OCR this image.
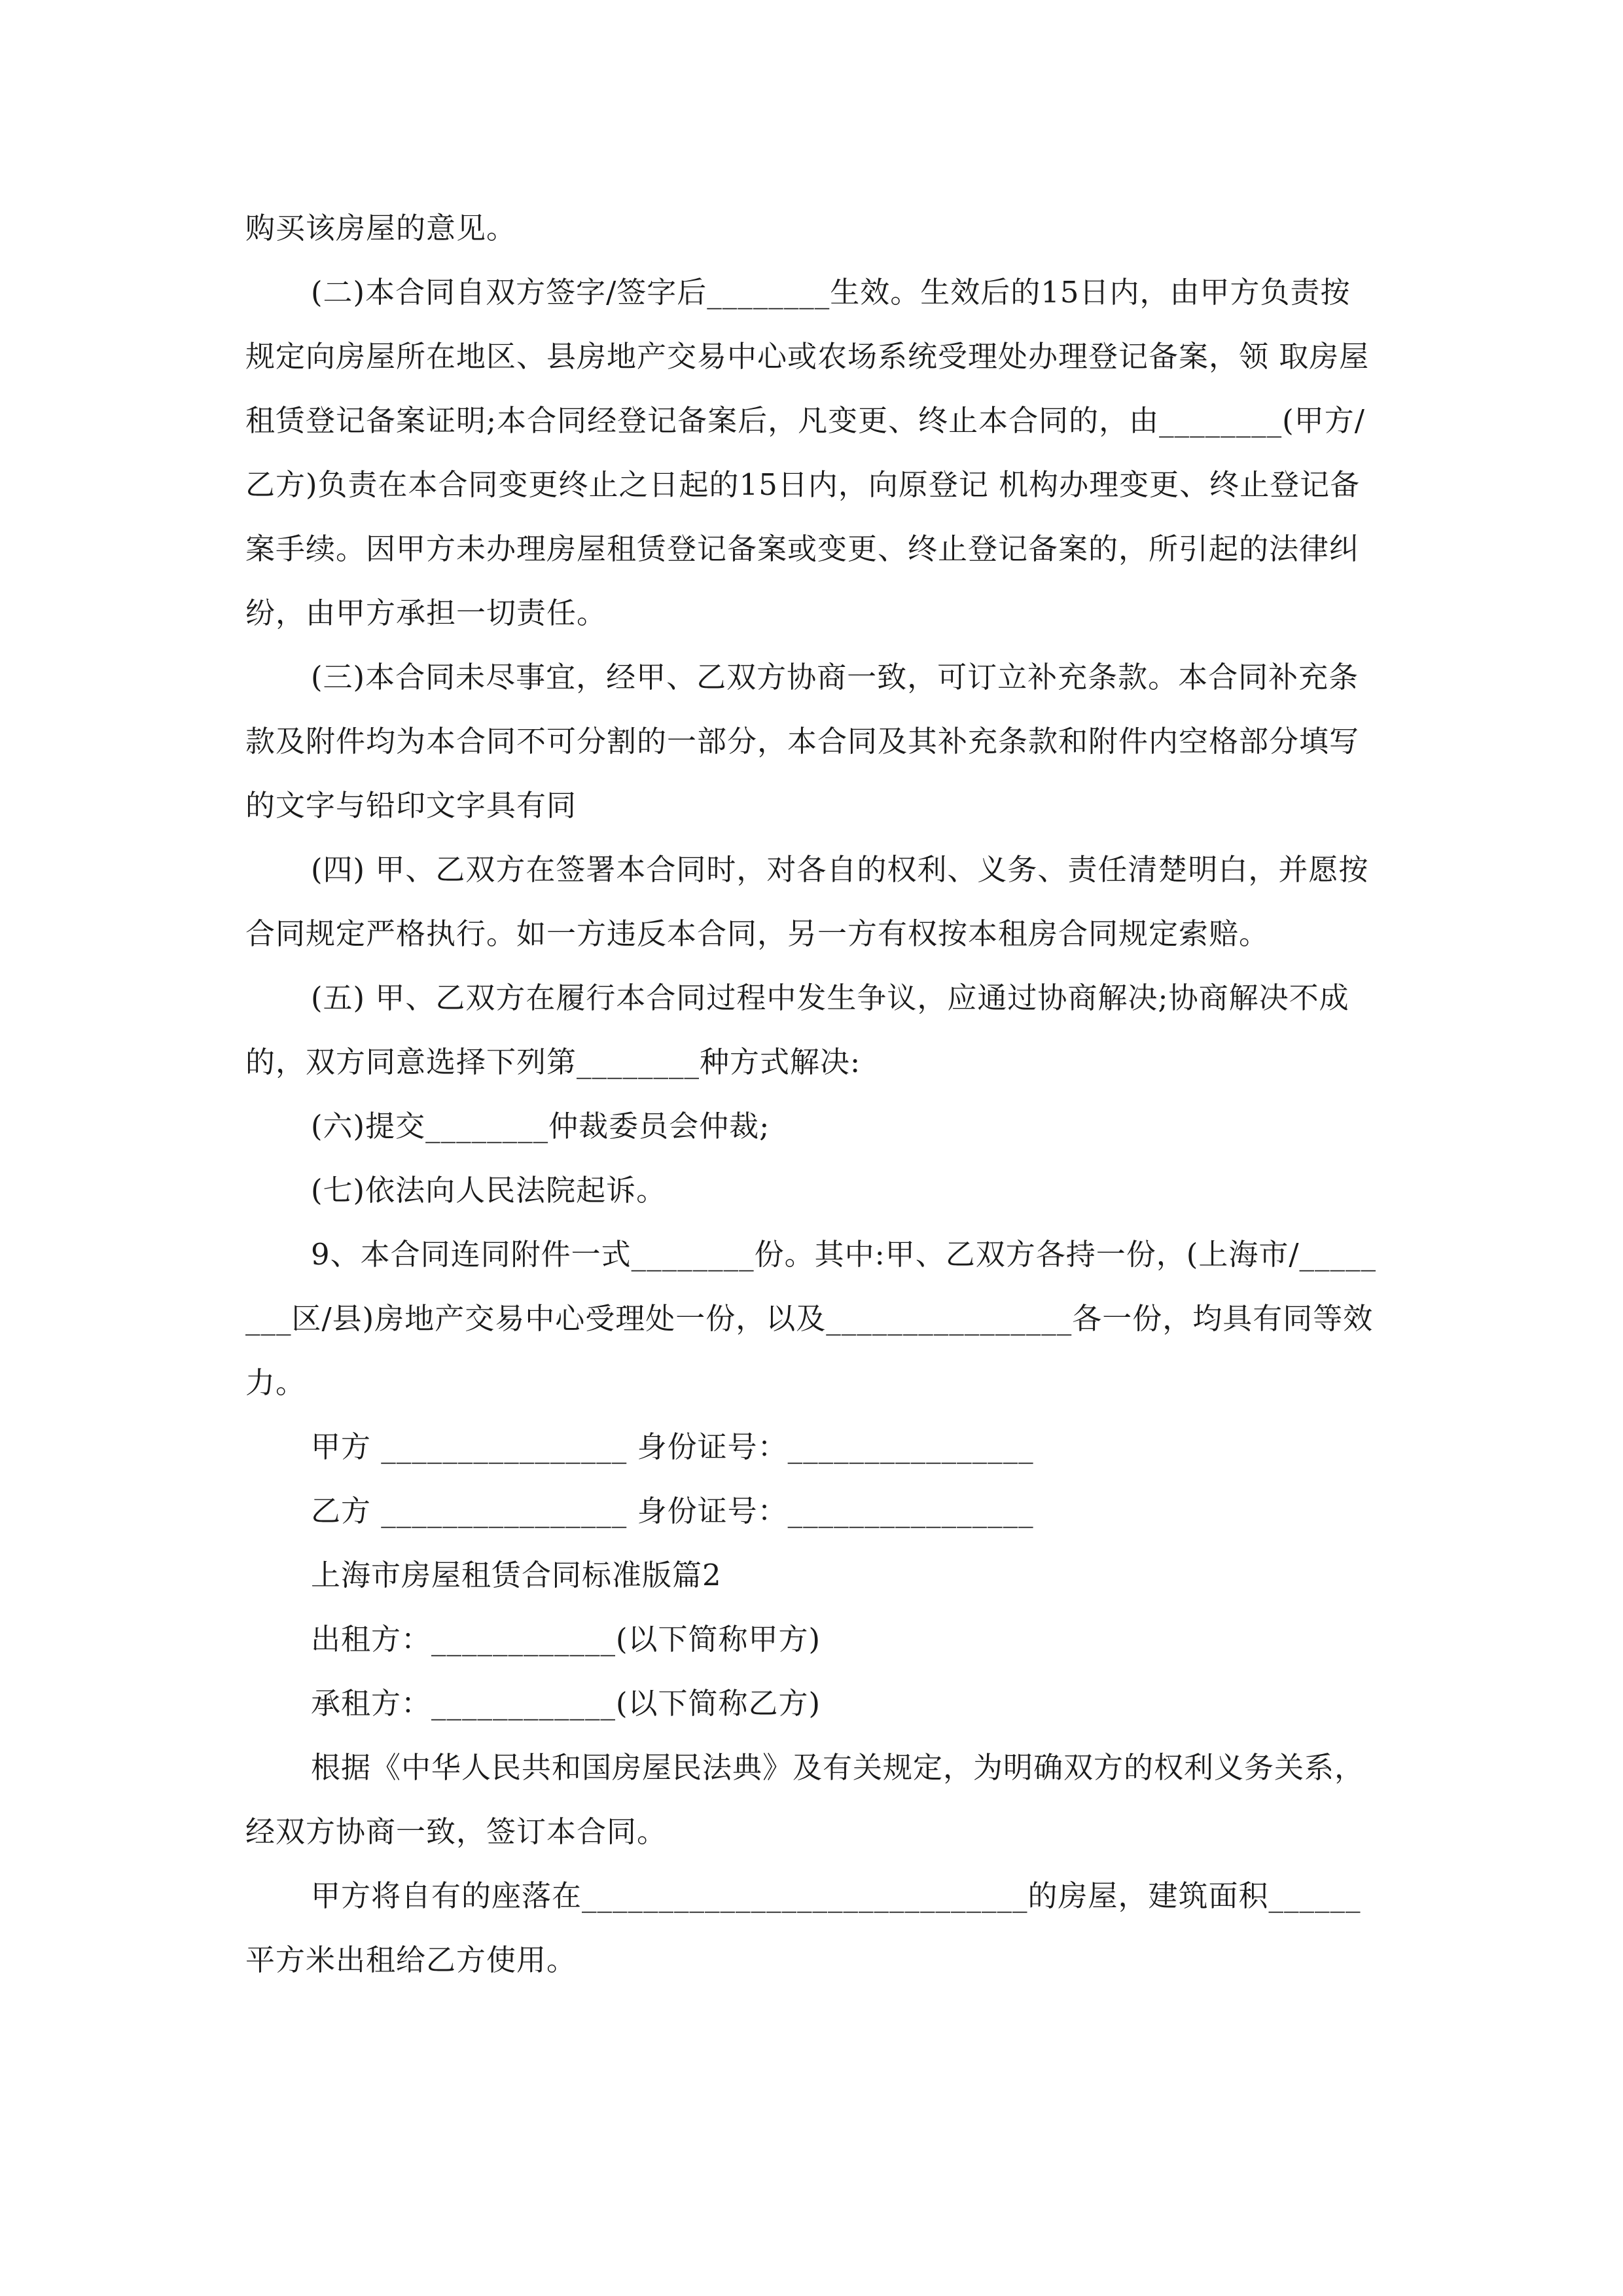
购买该房屋的意见。

(二)本合同自双方签字/签字后________生效。生效后的15日内，由甲方负责按规定向房屋所在地区、县房地产交易中心或农场系统受理处办理登记备案，领 取房屋租赁登记备案证明;本合同经登记备案后，凡变更、终止本合同的，由________(甲方/乙方)负责在本合同变更终止之日起的15日内，向原登记 机构办理变更、终止登记备案手续。因甲方未办理房屋租赁登记备案或变更、终止登记备案的，所引起的法律纠纷，由甲方承担一切责任。

(三)本合同未尽事宜，经甲、乙双方协商一致，可订立补充条款。本合同补充条款及附件均为本合同不可分割的一部分，本合同及其补充条款和附件内空格部分填写的文字与铅印文字具有同

(四) 甲、乙双方在签署本合同时，对各自的权利、义务、责任清楚明白，并愿按合同规定严格执行。如一方违反本合同，另一方有权按本租房合同规定索赔。

(五) 甲、乙双方在履行本合同过程中发生争议，应通过协商解决;协商解决不成的，双方同意选择下列第________种方式解决:

(六)提交________仲裁委员会仲裁;

(七)依法向人民法院起诉。

9、本合同连同附件一式________份。其中:甲、乙双方各持一份，(上海市/________区/县)房地产交易中心受理处一份，以及________________各一份，均具有同等效力。

甲方 ________________ 身份证号：________________

乙方 ________________ 身份证号：________________

上海市房屋租赁合同标准版篇2

出租方：____________(以下简称甲方)

承租方：____________(以下简称乙方)

根据《中华人民共和国房屋民法典》及有关规定，为明确双方的权利义务关系，经双方协商一致，签订本合同。

甲方将自有的座落在_____________________________的房屋，建筑面积______平方米出租给乙方使用。
